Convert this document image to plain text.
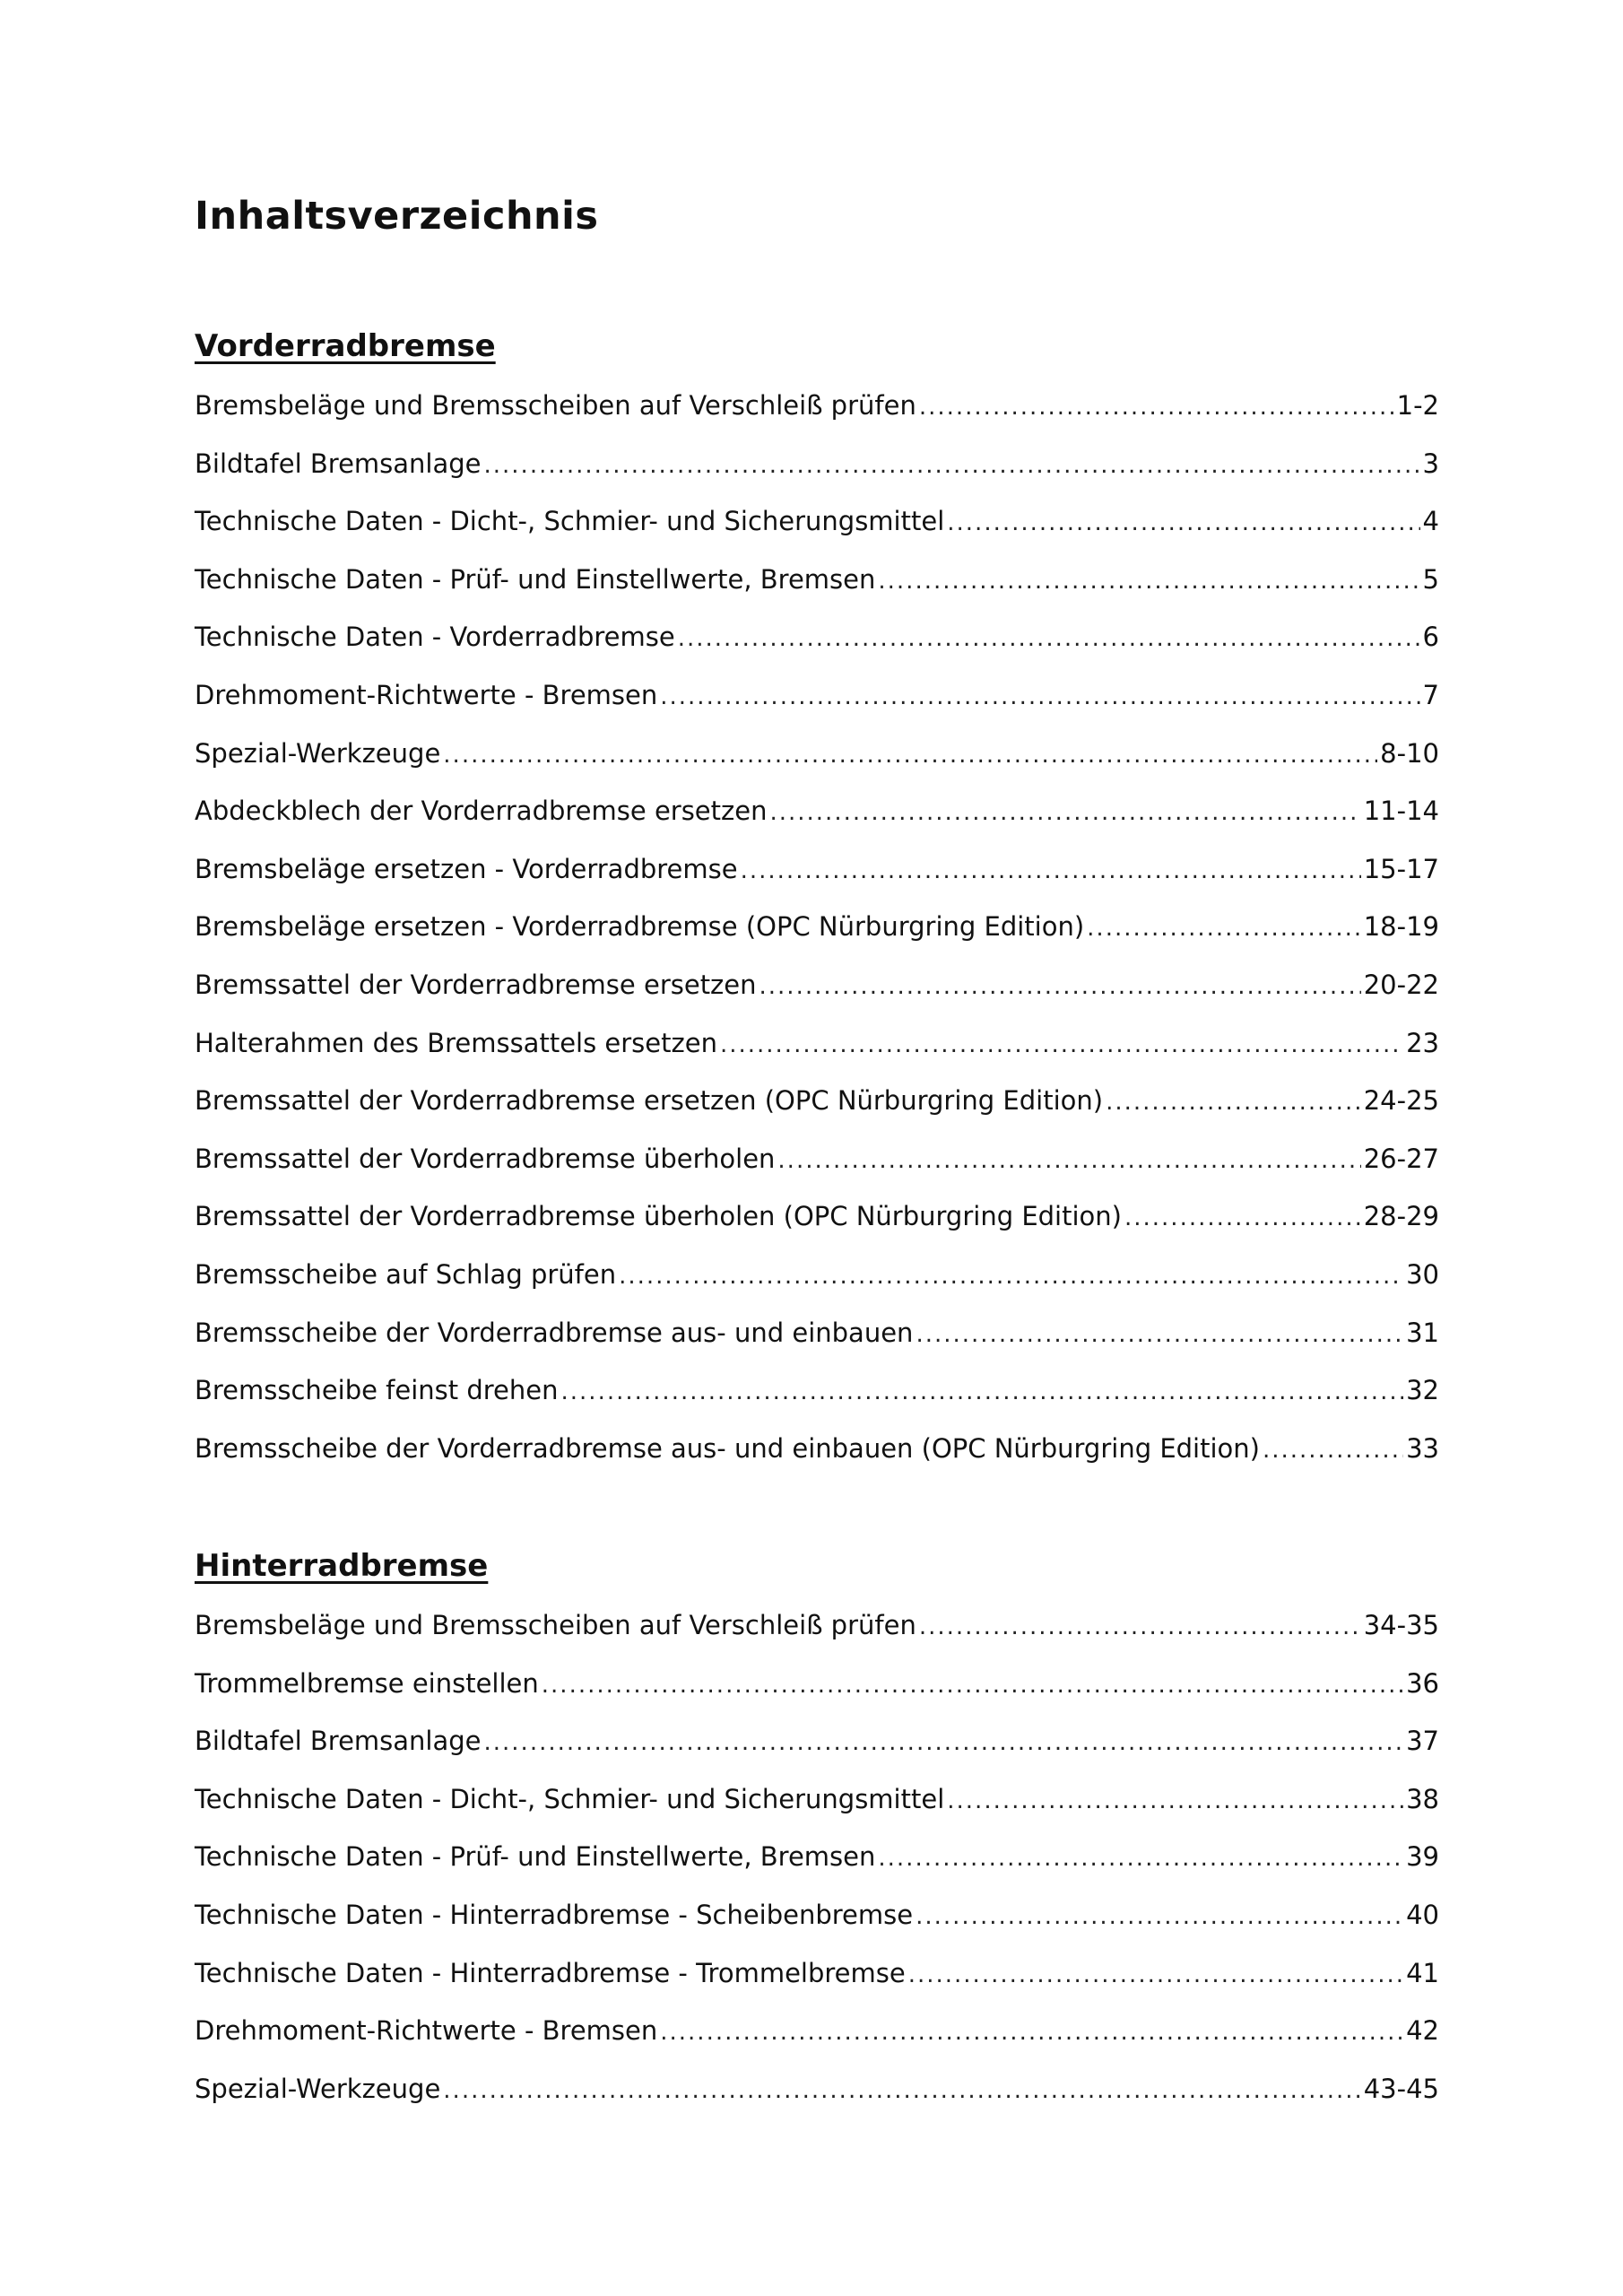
Inhaltsverzeichnis
Vorderradbremse
Bremsbeläge und Bremsscheiben auf Verschleiß prüfen .....	1-2
Bildtafel Bremsanlage .....	3
Technische Daten - Dicht-, Schmier- und Sicherungsmittel .....	4
Technische Daten - Prüf- und Einstellwerte, Bremsen .....	5
Technische Daten - Vorderradbremse .....	6
Drehmoment-Richtwerte - Bremsen .....	7
Spezial-Werkzeuge .....	8-10
Abdeckblech der Vorderradbremse ersetzen .....	11-14
Bremsbeläge ersetzen - Vorderradbremse .....	15-17
Bremsbeläge ersetzen - Vorderradbremse (OPC Nürburgring Edition) .....	18-19
Bremssattel der Vorderradbremse ersetzen .....	20-22
Halterahmen des Bremssattels ersetzen .....	23
Bremssattel der Vorderradbremse ersetzen (OPC Nürburgring Edition) .....	24-25
Bremssattel der Vorderradbremse überholen .....	26-27
Bremssattel der Vorderradbremse überholen (OPC Nürburgring Edition) .....	28-29
Bremsscheibe auf Schlag prüfen .....	30
Bremsscheibe der Vorderradbremse aus- und einbauen .....	31
Bremsscheibe feinst drehen .....	32
Bremsscheibe der Vorderradbremse aus- und einbauen (OPC Nürburgring Edition) .....	33
Hinterradbremse
Bremsbeläge und Bremsscheiben auf Verschleiß prüfen .....	34-35
Trommelbremse einstellen .....	36
Bildtafel Bremsanlage .....	37
Technische Daten - Dicht-, Schmier- und Sicherungsmittel .....	38
Technische Daten - Prüf- und Einstellwerte, Bremsen .....	39
Technische Daten - Hinterradbremse - Scheibenbremse .....	40
Technische Daten - Hinterradbremse - Trommelbremse .....	41
Drehmoment-Richtwerte - Bremsen .....	42
Spezial-Werkzeuge .....	43-45
